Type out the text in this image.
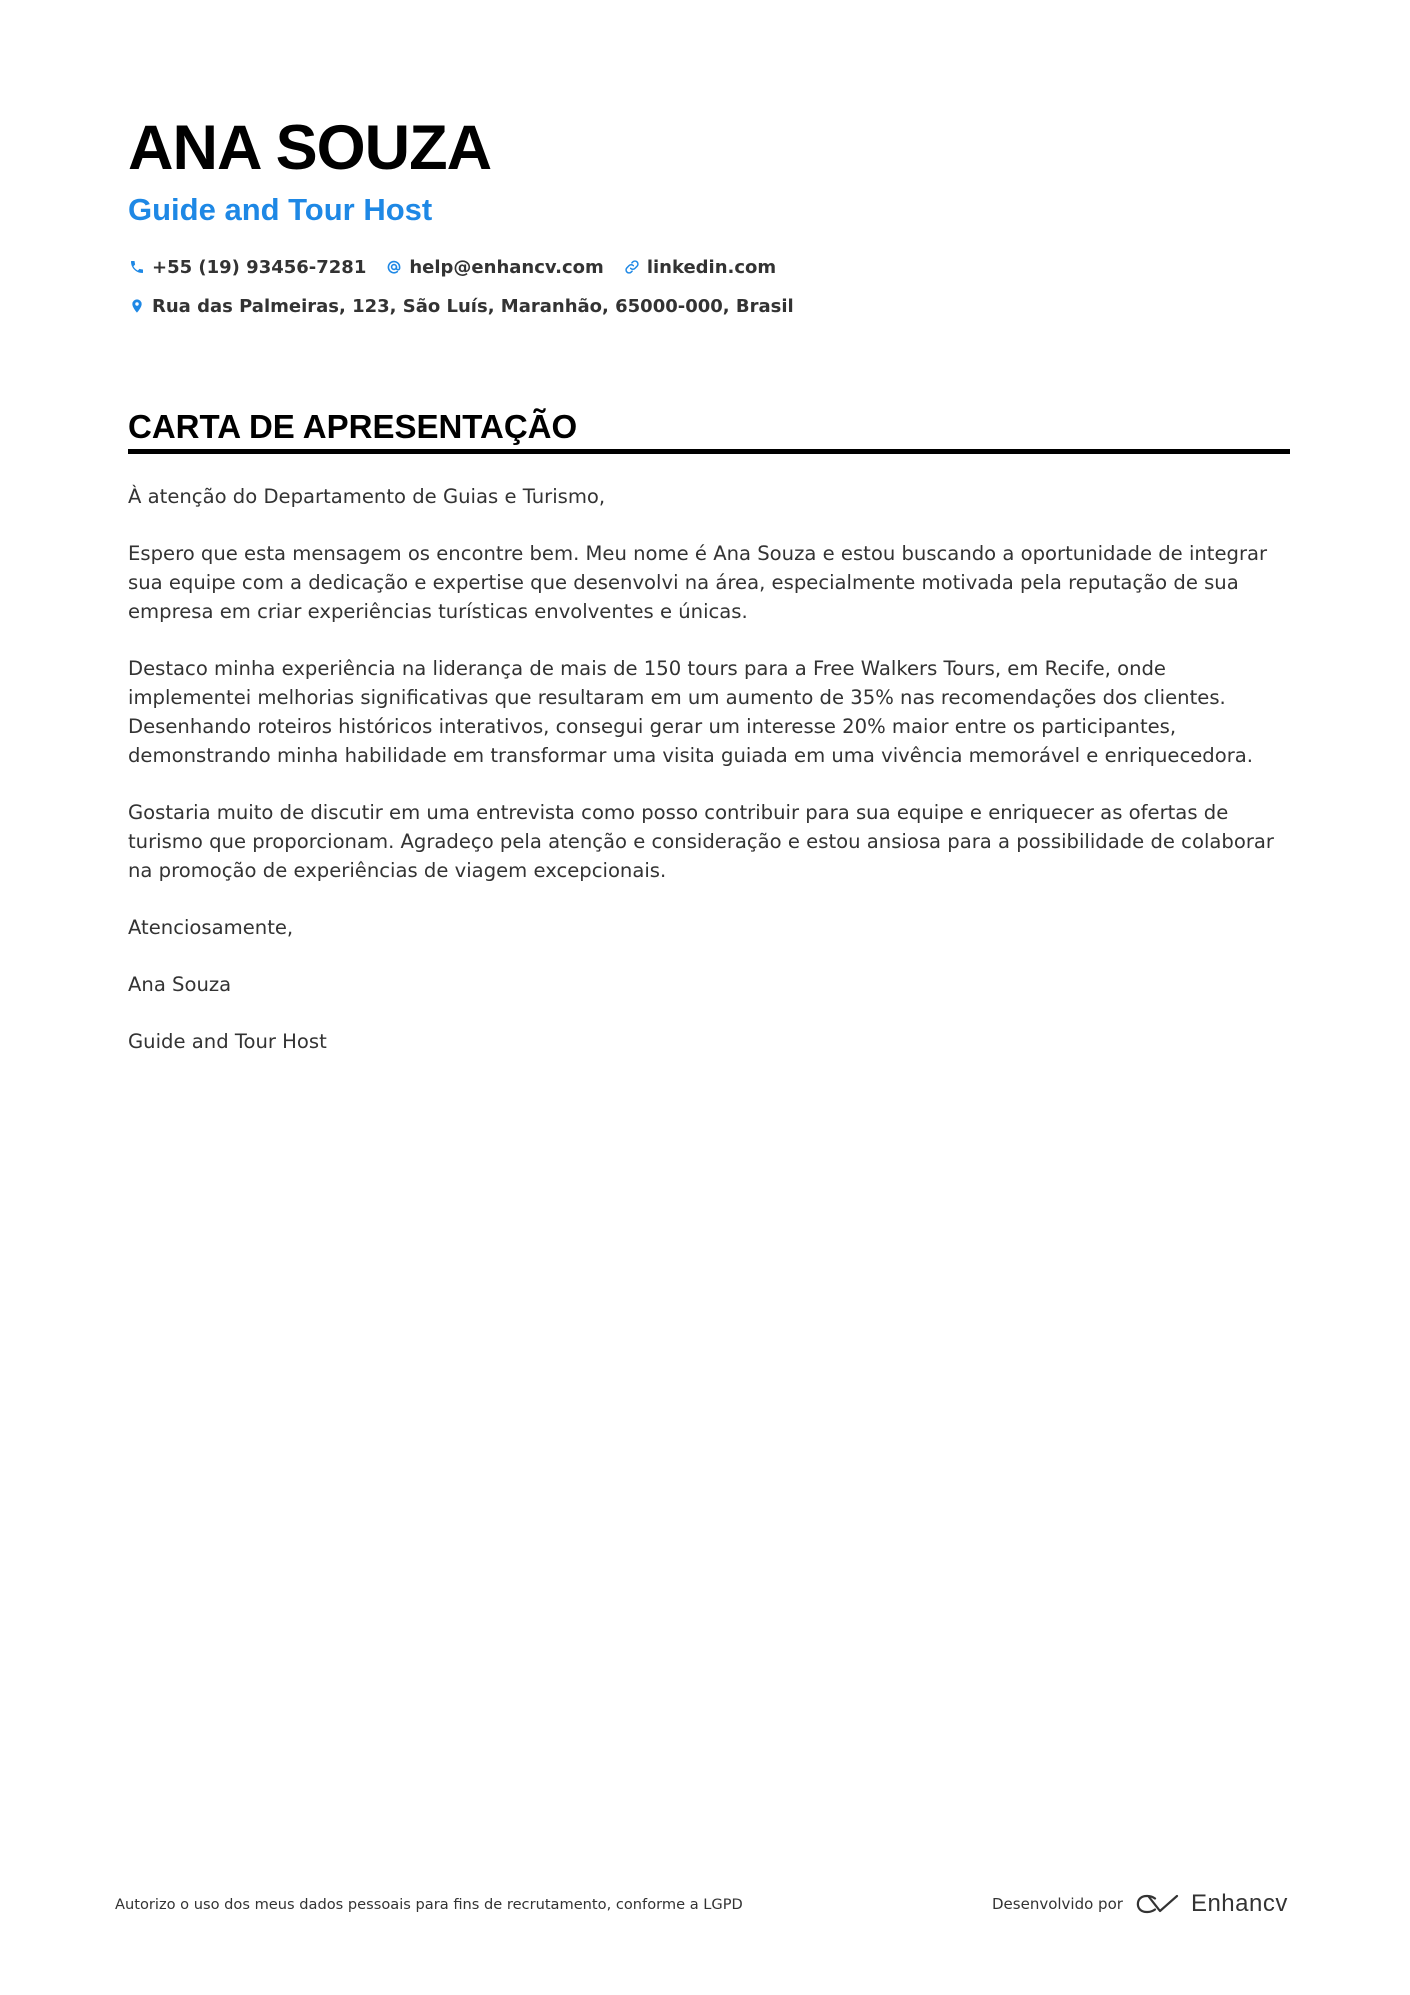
ANA SOUZA
Guide and Tour Host
+55 (19) 93456-7281 help@enhancv.com linkedin.com
Rua das Palmeiras, 123, São Luís, Maranhão, 65000-000, Brasil
CARTA DE APRESENTAÇÃO

À atenção do Departamento de Guias e Turismo,

Espero que esta mensagem os encontre bem. Meu nome é Ana Souza e estou buscando a oportunidade de integrar sua equipe com a dedicação e expertise que desenvolvi na área, especialmente motivada pela reputação de sua empresa em criar experiências turísticas envolventes e únicas.

Destaco minha experiência na liderança de mais de 150 tours para a Free Walkers Tours, em Recife, onde implementei melhorias significativas que resultaram em um aumento de 35% nas recomendações dos clientes. Desenhando roteiros históricos interativos, consegui gerar um interesse 20% maior entre os participantes, demonstrando minha habilidade em transformar uma visita guiada em uma vivência memorável e enriquecedora.

Gostaria muito de discutir em uma entrevista como posso contribuir para sua equipe e enriquecer as ofertas de turismo que proporcionam. Agradeço pela atenção e consideração e estou ansiosa para a possibilidade de colaborar na promoção de experiências de viagem excepcionais.

Atenciosamente,

Ana Souza

Guide and Tour Host

Autorizo o uso dos meus dados pessoais para fins de recrutamento, conforme a LGPD	Desenvolvido por	Enhancv
